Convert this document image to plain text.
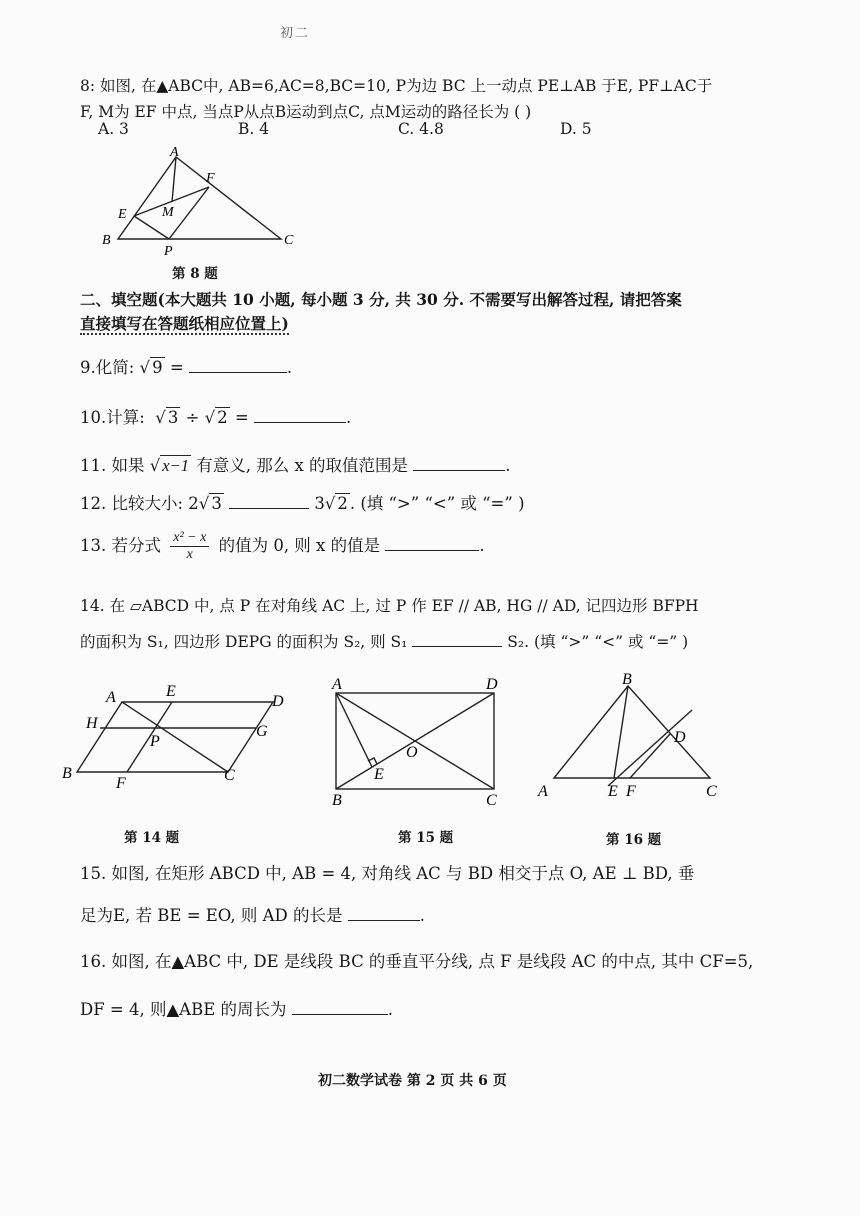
初二
8: 如图, 在▲ABC中, AB=6,AC=8,BC=10, P为边 BC 上一动点 PE⊥AB 于E, PF⊥AC于
F, M为 EF 中点, 当点P从点B运动到点C, 点M运动的路径长为 ( )
A. 3	B. 4	C. 4.8	D. 5
A
F
E	M
B
P
C
第 8 题
二、填空题(本大题共 10 小题, 每小题 3 分, 共 30 分. 不需要写出解答过程, 请把答案
直接填写在答题纸相应位置上)
9.化简: √ 9 =	.
10.计算:  √ 3 ÷ √ 2 =	.
11. 如果 √ x−1 有意义, 那么 x 的取值范围是	.
12. 比较大小: 2√ 3	3√ 2 . (填 “>” “<” 或 “=” )
13. 若分式 $\frac{\text{x² − x}}{x}$ 的值为 0, 则 x 的值是	.
14. 在 ▱ABCD 中, 点 P 在对角线 AC 上, 过 P 作 EF // AB, HG // AD, 记四边形 BFPH
的面积为 S₁, 四边形 DEPG 的面积为 S₂, 则 S₁	S₂. (填 “>” “<” 或 “=” )
A	E
D
H	G
P
B
F	C
A	D
O
E
B	C
B
D
A	E F	C
第 14 题	第 15 题	第 16 题
15. 如图, 在矩形 ABCD 中, AB = 4, 对角线 AC 与 BD 相交于点 O, AE ⊥ BD, 垂
足为E, 若 BE = EO, 则 AD 的长是	.
16. 如图, 在▲ABC 中, DE 是线段 BC 的垂直平分线, 点 F 是线段 AC 的中点, 其中 CF=5,
DF = 4, 则▲ABE 的周长为	.
初二数学试卷 第 2 页 共 6 页
